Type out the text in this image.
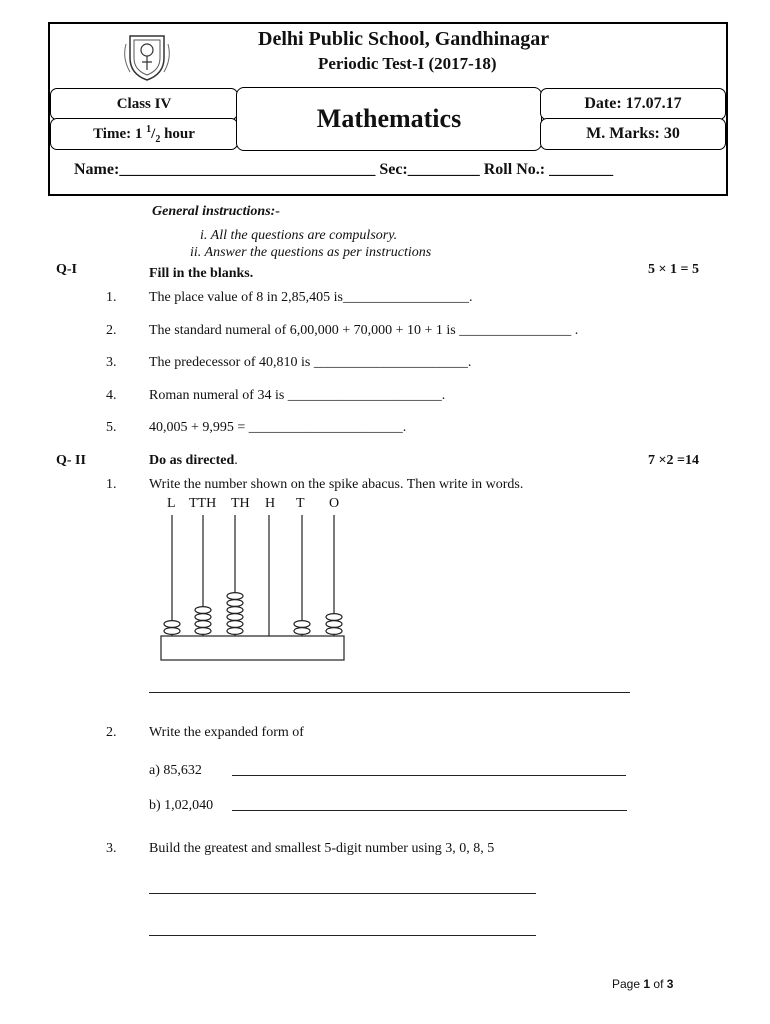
Delhi Public School, Gandhinagar
Periodic Test-I (2017-18)
Class IV
Time: 1 $^1/_2$ hour
Mathematics
Date: 17.07.17
M. Marks: 30
Name:________________________________ Sec:_________ Roll No.: ________
General instructions:-
i. All the questions are compulsory.
ii. Answer the questions as per instructions
Q-I	Fill in the blanks.	5 × 1 = 5
1. The place value of 8 in 2,85,405 is__________________.
2. The standard numeral of 6,00,000 + 70,000 + 10 + 1 is ________________ .
3. The predecessor of 40,810 is ______________________.
4. Roman numeral of 34 is ______________________.
5. 40,005 + 9,995 = ______________________.
Q- II	Do as directed.	7 ×2 =14
1. Write the number shown on the spike abacus. Then write in words.
L TTH TH H T O
2. Write the expanded form of
a) 85,632
b) 1,02,040
3. Build the greatest and smallest 5-digit number using 3, 0, 8, 5
Page 1 of 3
